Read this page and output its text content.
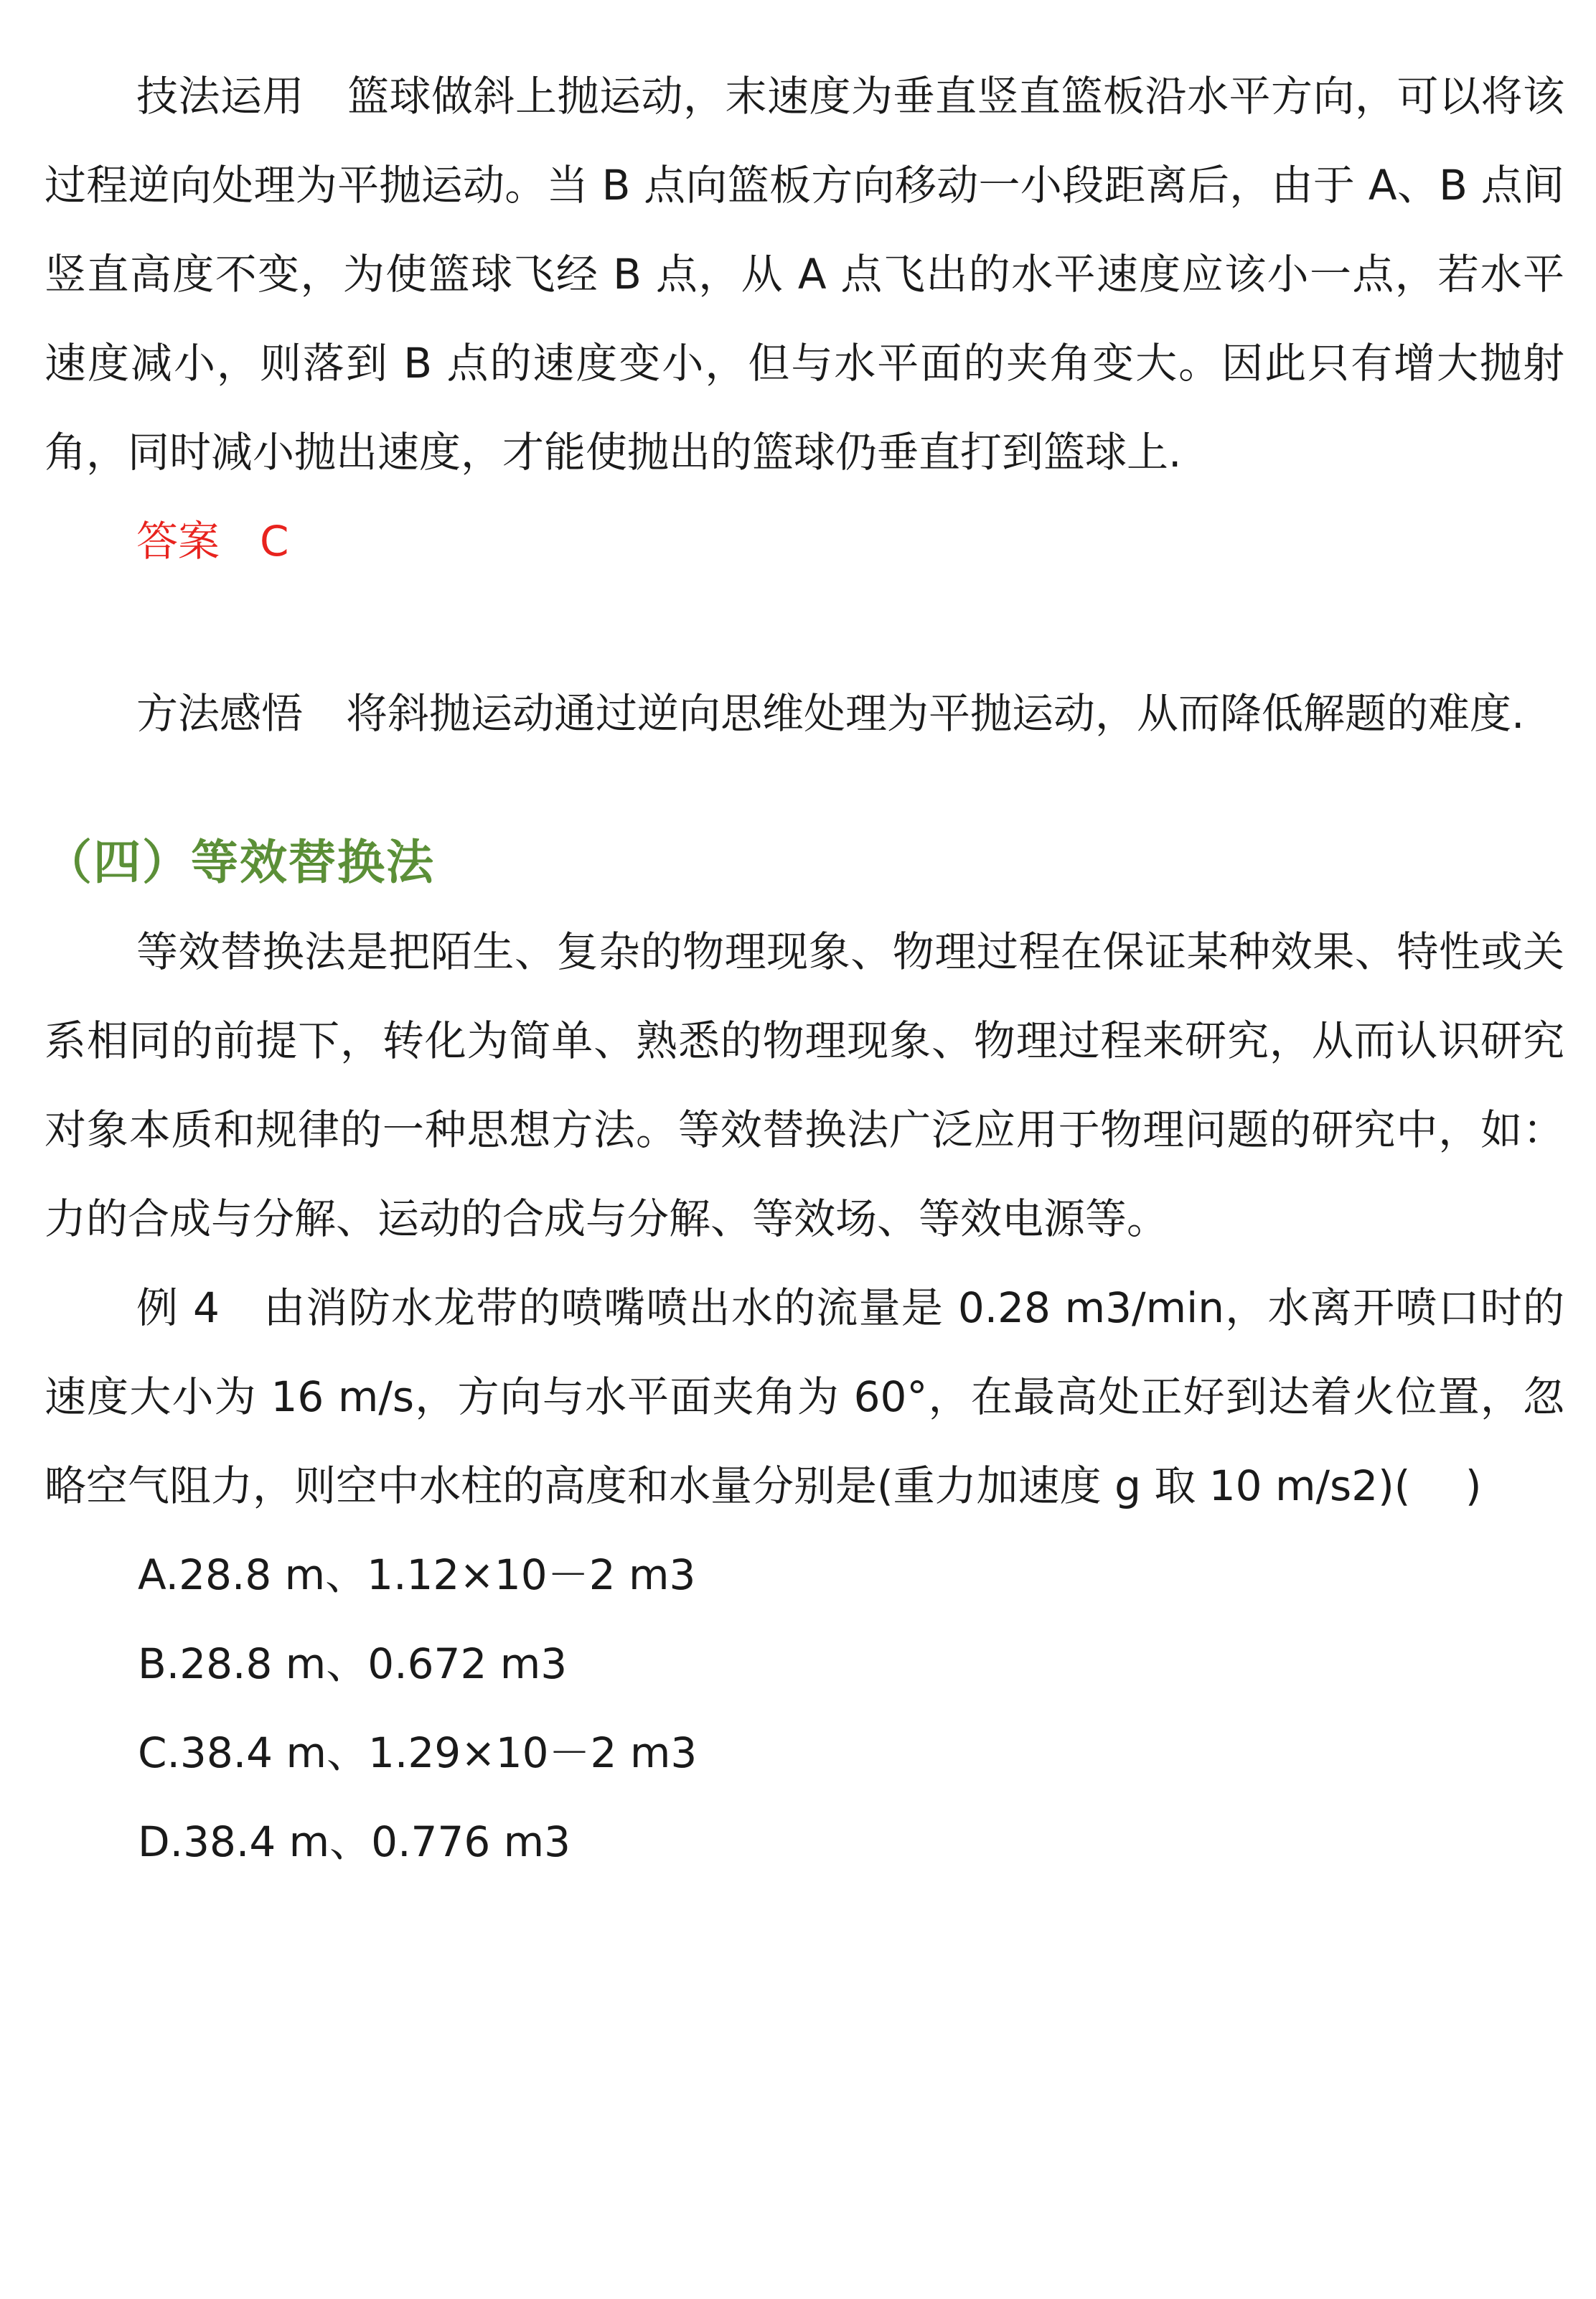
技法运用 篮球做斜上抛运动，末速度为垂直竖直篮板沿水平方向，可以将该过程逆向处理为平抛运动。当 B 点向篮板方向移动一小段距离后，由于 A、B 点间竖直高度不变，为使篮球飞经 B 点，从 A 点飞出的水平速度应该小一点，若水平速度减小，则落到 B 点的速度变小，但与水平面的夹角变大。因此只有增大抛射角，同时减小抛出速度，才能使抛出的篮球仍垂直打到篮球上.

答案 C

方法感悟 将斜抛运动通过逆向思维处理为平抛运动，从而降低解题的难度.

（四）等效替换法

等效替换法是把陌生、复杂的物理现象、物理过程在保证某种效果、特性或关系相同的前提下，转化为简单、熟悉的物理现象、物理过程来研究，从而认识研究对象本质和规律的一种思想方法。等效替换法广泛应用于物理问题的研究中，如：力的合成与分解、运动的合成与分解、等效场、等效电源等。

例 4 由消防水龙带的喷嘴喷出水的流量是 0.28 m3/min，水离开喷口时的速度大小为 16 m/s，方向与水平面夹角为 60°，在最高处正好到达着火位置，忽略空气阻力，则空中水柱的高度和水量分别是(重力加速度 g 取 10 m/s2)(　 )

A.28.8 m、1.12×10－2 m3

B.28.8 m、0.672 m3

C.38.4 m、1.29×10－2 m3

D.38.4 m、0.776 m3
